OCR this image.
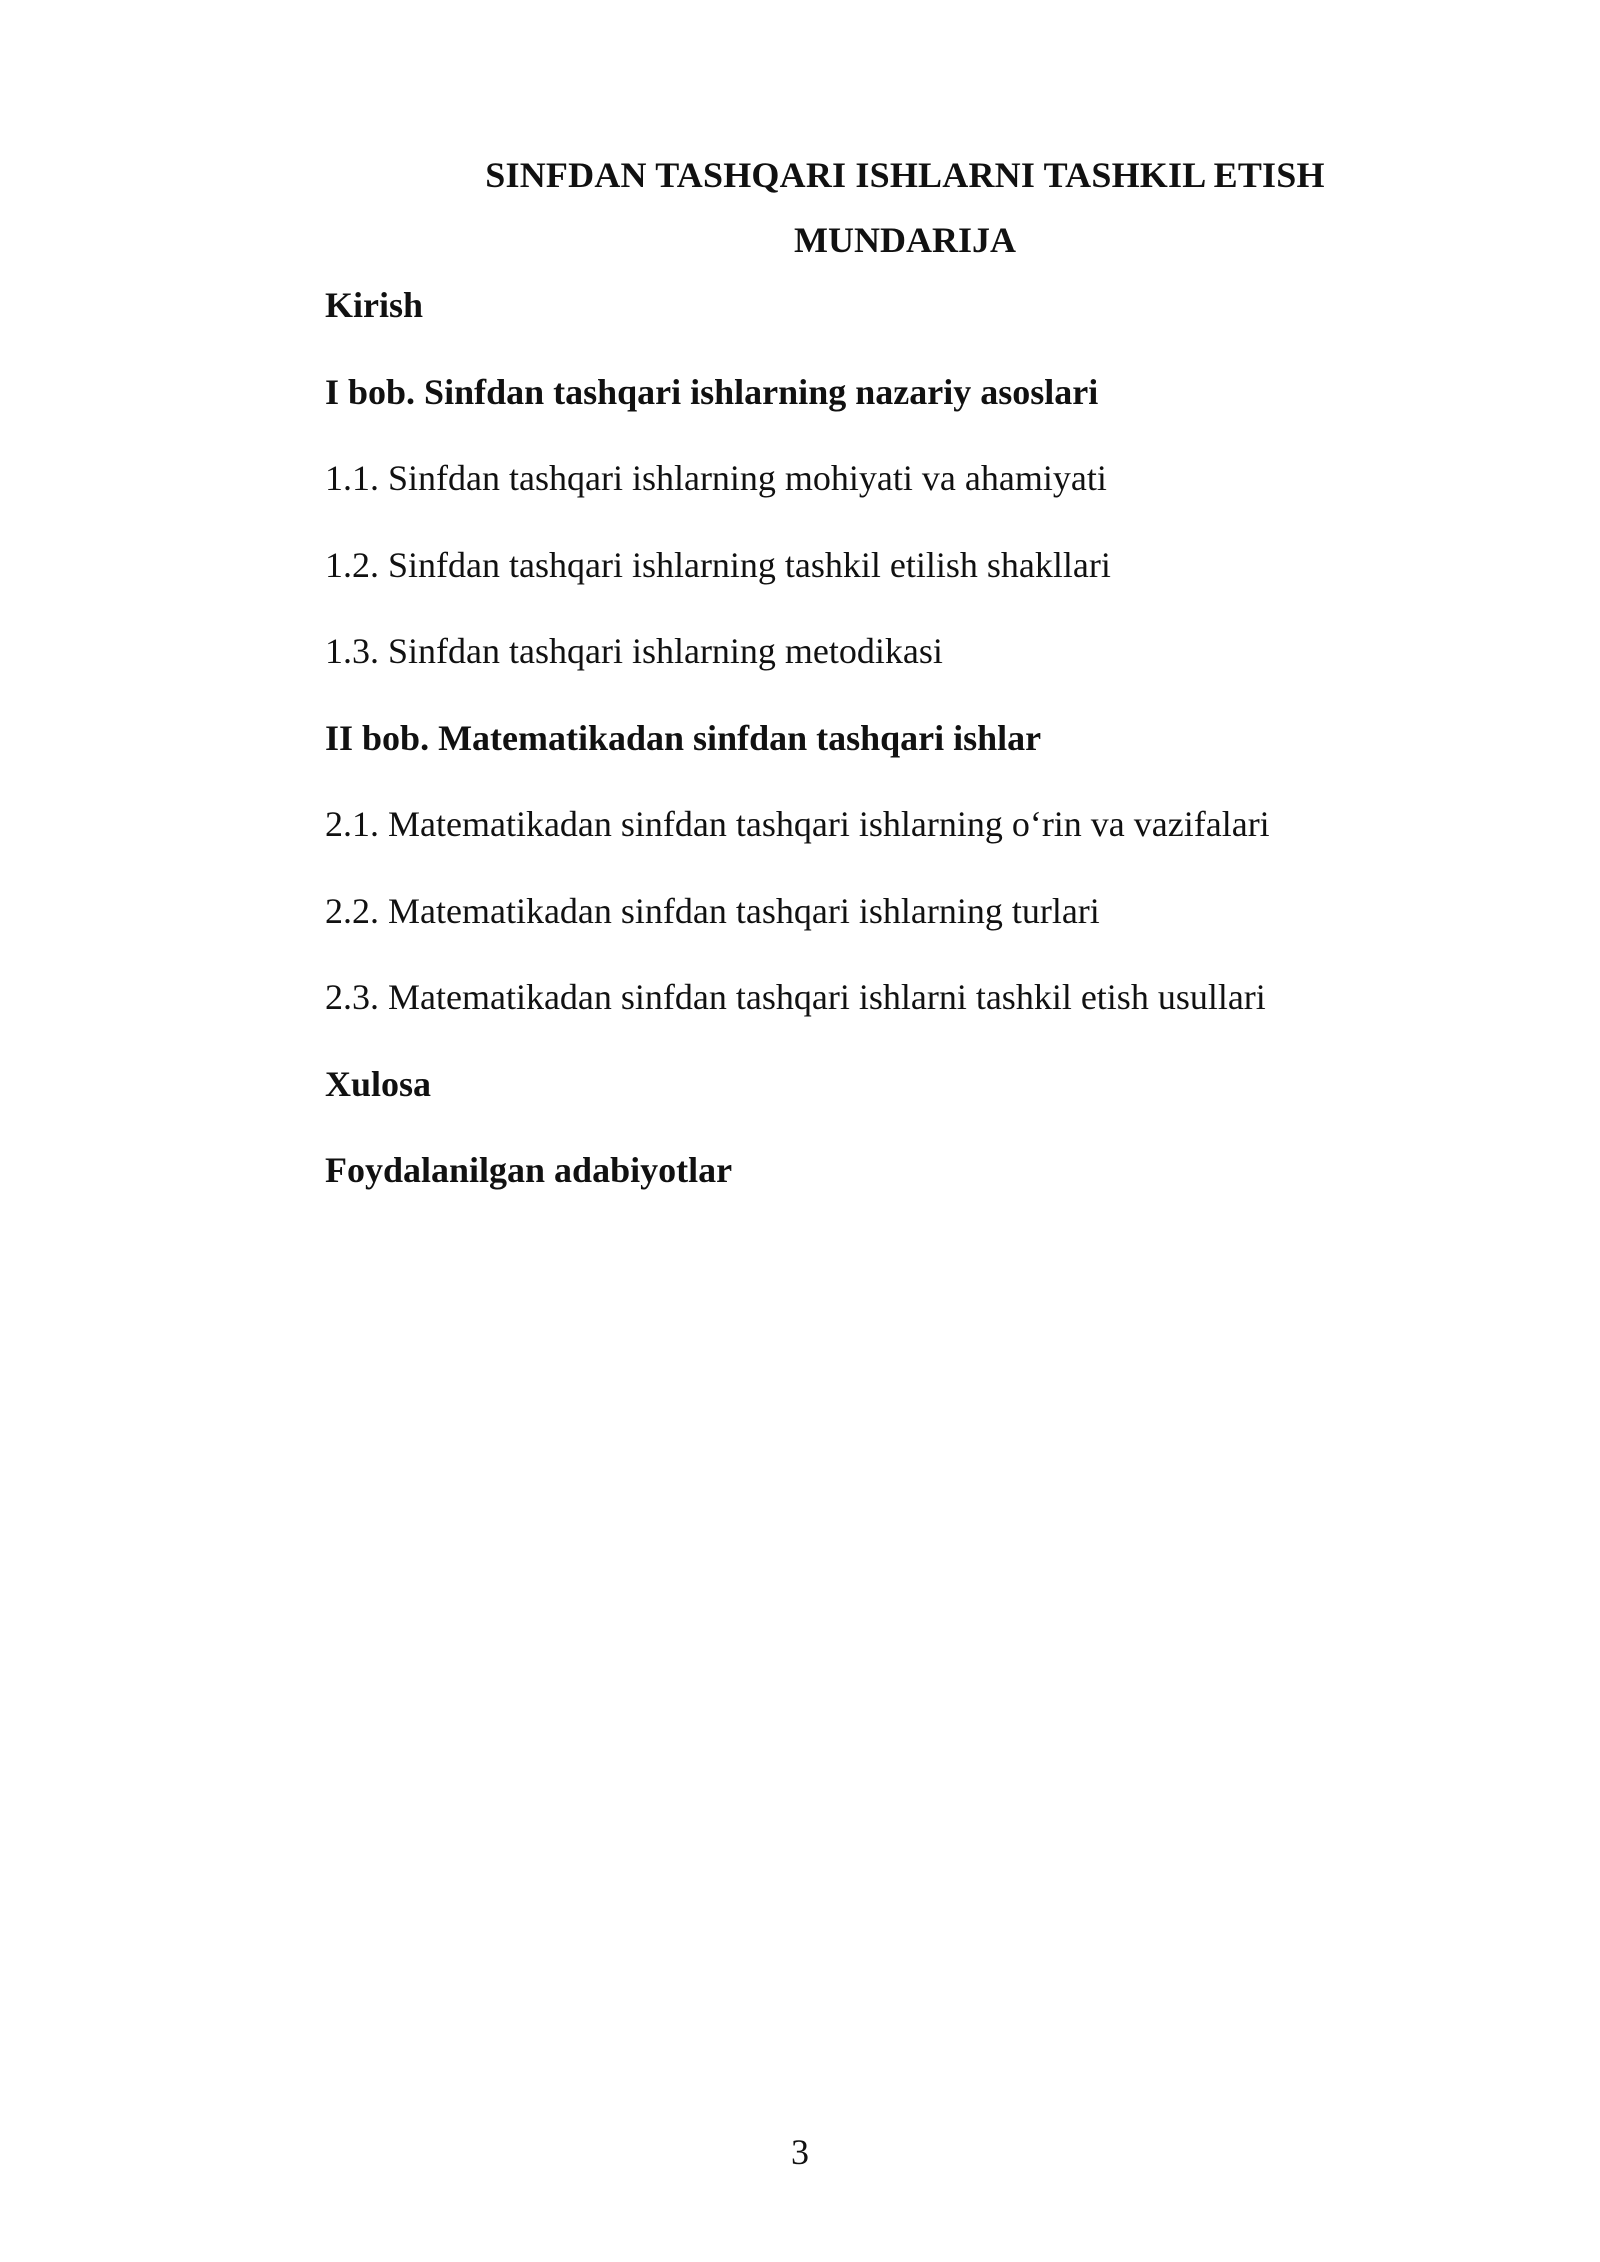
SINFDAN TASHQARI ISHLARNI TASHKIL ETISH
MUNDARIJA
Kirish
I bob. Sinfdan tashqari ishlarning nazariy asoslari
1.1. Sinfdan tashqari ishlarning mohiyati va ahamiyati
1.2. Sinfdan tashqari ishlarning tashkil etilish shakllari
1.3. Sinfdan tashqari ishlarning metodikasi
II bob. Matematikadan sinfdan tashqari ishlar
2.1. Matematikadan sinfdan tashqari ishlarning o‘rin va vazifalari
2.2. Matematikadan sinfdan tashqari ishlarning turlari
2.3. Matematikadan sinfdan tashqari ishlarni tashkil etish usullari
Xulosa
Foydalanilgan adabiyotlar
3
